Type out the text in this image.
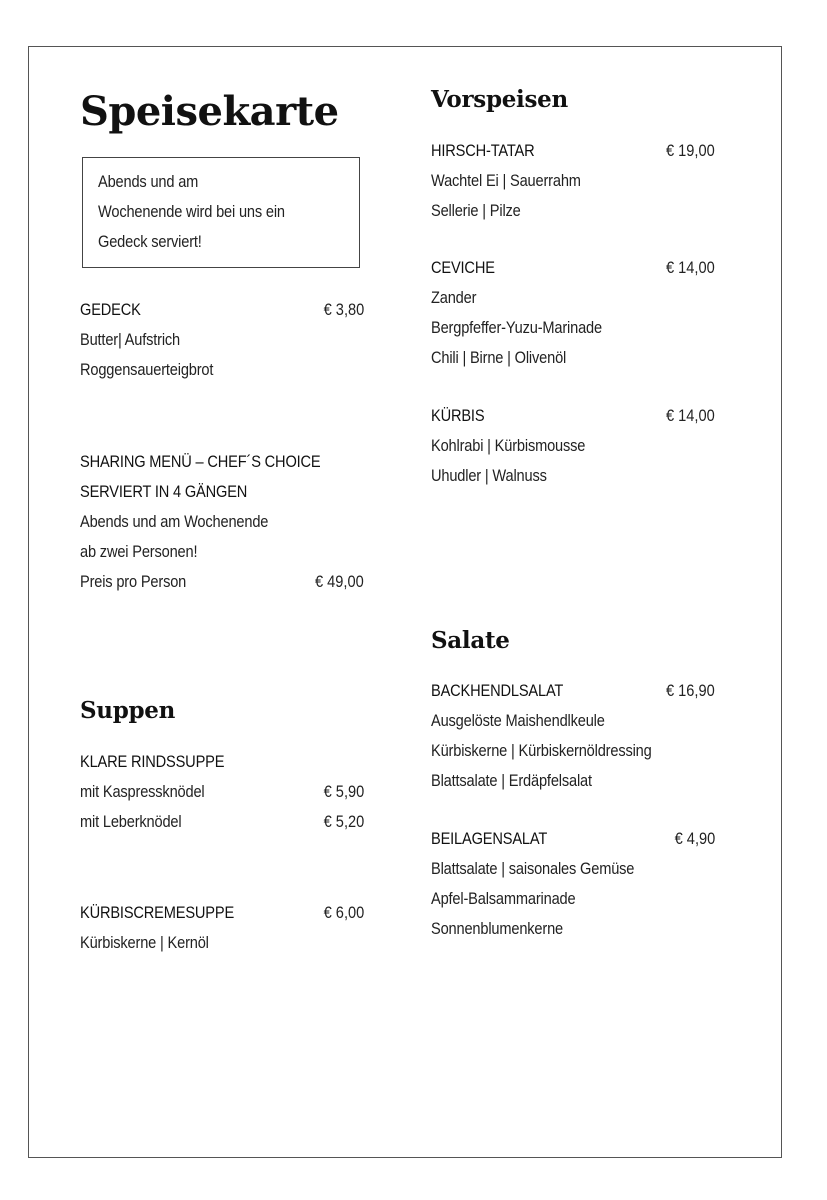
Speisekarte
Abends und am
Wochenende wird bei uns ein
Gedeck serviert!
GEDECK	€ 3,80
Butter| Aufstrich
Roggensauerteigbrot
SHARING MENÜ – CHEF´S CHOICE
SERVIERT IN 4 GÄNGEN
Abends und am Wochenende
ab zwei Personen!
Preis pro Person	€ 49,00
Suppen
KLARE RINDSSUPPE
mit Kaspressknödel	€ 5,90
mit Leberknödel	€ 5,20
KÜRBISCREMESUPPE	€ 6,00
Kürbiskerne | Kernöl
Vorspeisen
HIRSCH-TATAR	€ 19,00
Wachtel Ei | Sauerrahm
Sellerie | Pilze
CEVICHE	€ 14,00
Zander
Bergpfeffer-Yuzu-Marinade
Chili | Birne | Olivenöl
KÜRBIS	€ 14,00
Kohlrabi | Kürbismousse
Uhudler | Walnuss
Salate
BACKHENDLSALAT	€ 16,90
Ausgelöste Maishendlkeule
Kürbiskerne | Kürbiskernöldressing
Blattsalate | Erdäpfelsalat
BEILAGENSALAT	€ 4,90
Blattsalate | saisonales Gemüse
Apfel-Balsammarinade
Sonnenblumenkerne
